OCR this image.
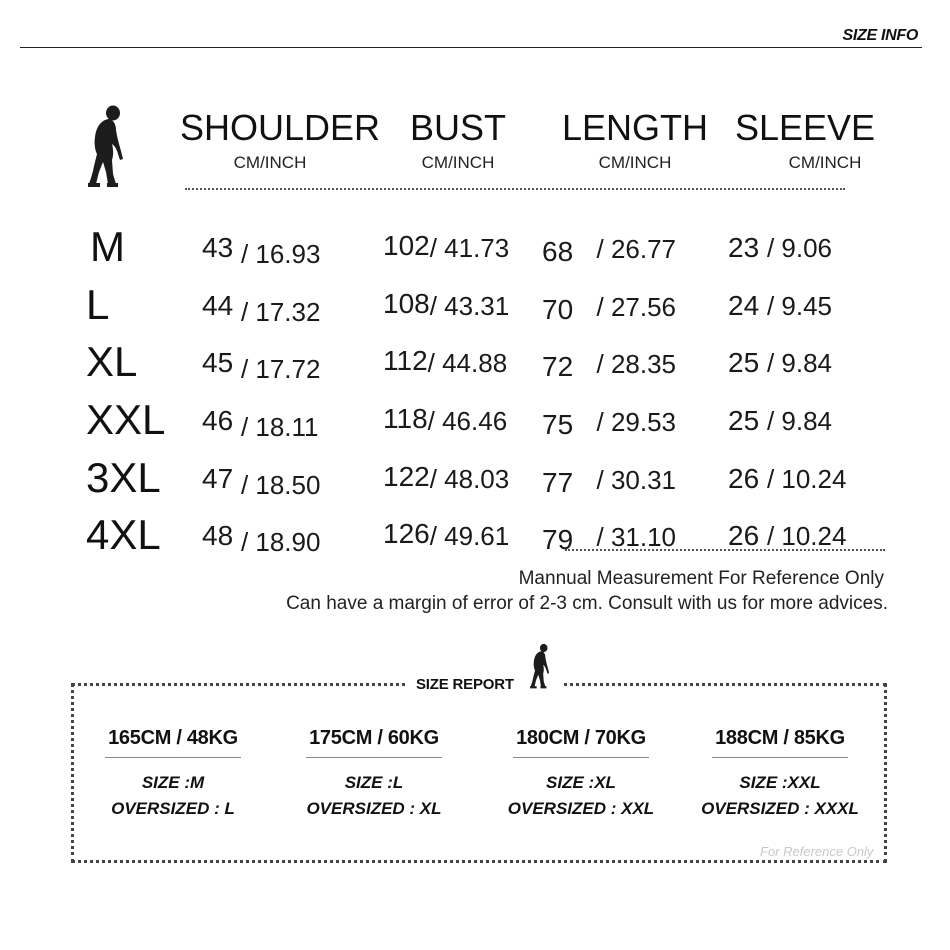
SIZE INFO
SHOULDER
CM/INCH
BUST
CM/INCH
LENGTH
CM/INCH
SLEEVE
CM/INCH
M	43 / 16.93 102/ 41.73 68 / 26.77 23 / 9.06
L	44 / 17.32 108/ 43.31 70 / 27.56 24 / 9.45
XL 45 / 17.72 112/ 44.88 72 / 28.35 25 / 9.84
XXL 46 / 18.11 118/ 46.46 75 / 29.53 25 / 9.84
3XL 47 / 18.50 122/ 48.03 77 / 30.31 26 / 10.24
4XL 48 / 18.90 126/ 49.61 79 / 31.10 26 / 10.24
Mannual Measurement For Reference Only
Can have a margin of error of 2-3 cm. Consult with us for more advices.
SIZE REPORT
165CM / 48KG
SIZE :M
OVERSIZED : L
175CM / 60KG
SIZE :L
OVERSIZED : XL
180CM / 70KG
SIZE :XL
OVERSIZED : XXL
188CM / 85KG
SIZE :XXL
OVERSIZED : XXXL
For Reference Only
